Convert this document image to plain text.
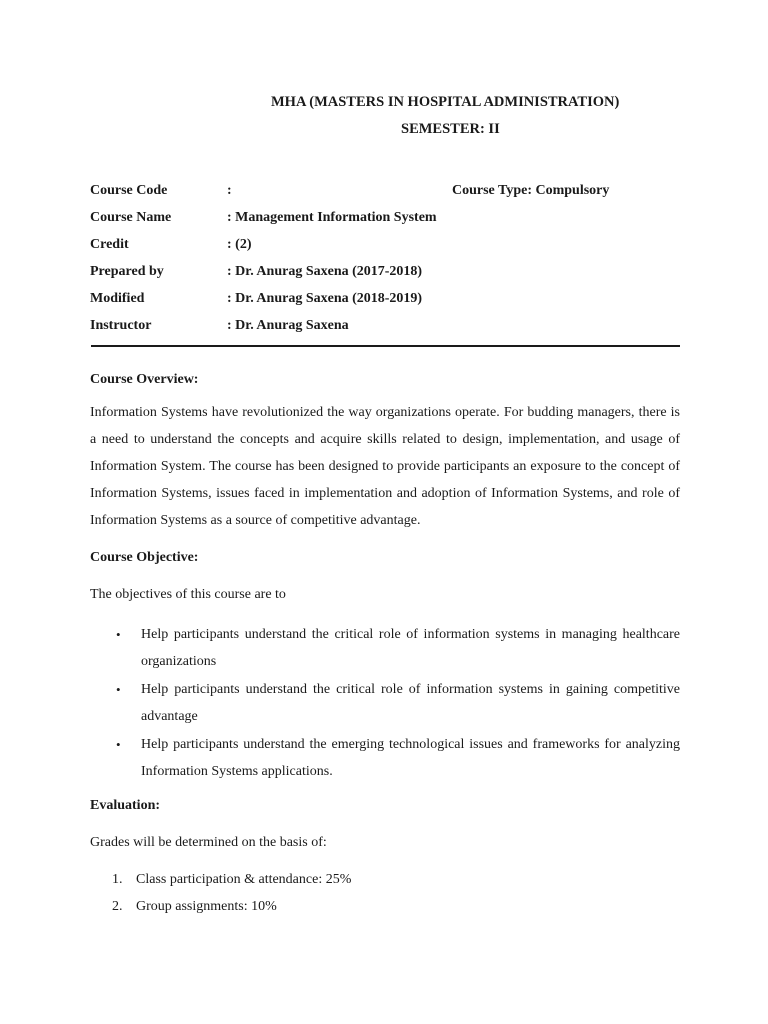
MHA (MASTERS IN HOSPITAL ADMINISTRATION)
SEMESTER: II
Course Code	:	Course Type: Compulsory
Course Name	: Management Information System
Credit	: (2)
Prepared by	: Dr. Anurag Saxena (2017-2018)
Modified	: Dr. Anurag Saxena (2018-2019)
Instructor	: Dr. Anurag Saxena
Course Overview:
Information Systems have revolutionized the way organizations operate. For budding managers, there is a need to understand the concepts and acquire skills related to design, implementation, and usage of Information System. The course has been designed to provide participants an exposure to the concept of Information Systems, issues faced in implementation and adoption of Information Systems, and role of Information Systems as a source of competitive advantage.
Course Objective:
The objectives of this course are to
• Help participants understand the critical role of information systems in managing healthcare organizations
• Help participants understand the critical role of information systems in gaining competitive advantage
• Help participants understand the emerging technological issues and frameworks for analyzing Information Systems applications.
Evaluation:
Grades will be determined on the basis of:
1. Class participation & attendance: 25%
2. Group assignments: 10%
